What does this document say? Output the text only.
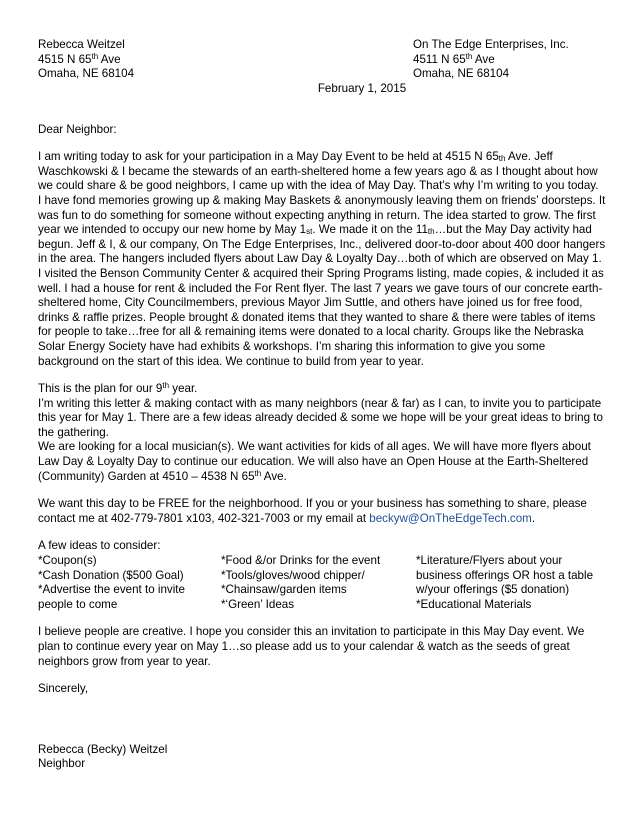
Rebecca Weitzel
4515 N 65th Ave
Omaha, NE 68104
On The Edge Enterprises, Inc.
4511 N 65th Ave
Omaha, NE 68104
February 1, 2015

Dear Neighbor:

I am writing today to ask for your participation in a May Day Event to be held at 4515 N $65_{th}$ Ave. Jeff Waschkowski & I became the stewards of an earth-sheltered home a few years ago & as I thought about how we could share & be good neighbors, I came up with the idea of May Day. That’s why I’m writing to you today.

I have fond memories growing up & making May Baskets & anonymously leaving them on friends’ doorsteps. It was fun to do something for someone without expecting anything in return. The idea started to grow. The first year we intended to occupy our new home by May $1_{st}$. We made it on the $11_{th}\dots but$ the May Day activity had begun. Jeff & I, & our company, On The Edge Enterprises, Inc., delivered door-to-door about 400 door hangers in the area. The hangers included flyers about Law Day & Loyalty Day…both of which are observed on May 1. I visited the Benson Community Center & acquired their Spring Programs listing, made copies, & included it as well. I had a house for rent & included the For Rent flyer. The last 7 years we gave tours of our concrete earth-sheltered home, City Councilmembers, previous Mayor Jim Suttle, and others have joined us for free food, drinks & raffle prizes. People brought & donated items that they wanted to share & there were tables of items for people to take…free for all & remaining items were donated to a local charity. Groups like the Nebraska Solar Energy Society have had exhibits & workshops. I’m sharing this information to give you some background on the start of this idea. We continue to build from year to year.

This is the plan for our 9th year.

I’m writing this letter & making contact with as many neighbors (near & far) as I can, to invite you to participate this year for May 1. There are a few ideas already decided & some we hope will be your great ideas to bring to the gathering.

We are looking for a local musician(s). We want activities for kids of all ages. We will have more flyers about Law Day & Loyalty Day to continue our education. We will also have an Open House at the Earth-Sheltered (Community) Garden at 4510 – 4538 N 65th Ave.

We want this day to be FREE for the neighborhood. If you or your business has something to share, please contact me at 402-779-7801 x103, 402-321-7003 or my email at beckyw@OnTheEdgeTech.com.

A few ideas to consider:

*Coupon(s)
*Cash Donation ($500 Goal)
*Advertise the event to invite
people to come
*Food &/or Drinks for the event
*Tools/gloves/wood chipper/
*Chainsaw/garden items
*‘Green’ Ideas
*Literature/Flyers about your
business offerings OR host a table
w/your offerings ($5 donation)
*Educational Materials

I believe people are creative. I hope you consider this an invitation to participate in this May Day event. We plan to continue every year on May 1…so please add us to your calendar & watch as the seeds of great neighbors grow from year to year.

Sincerely,

Rebecca (Becky) Weitzel

Neighbor
